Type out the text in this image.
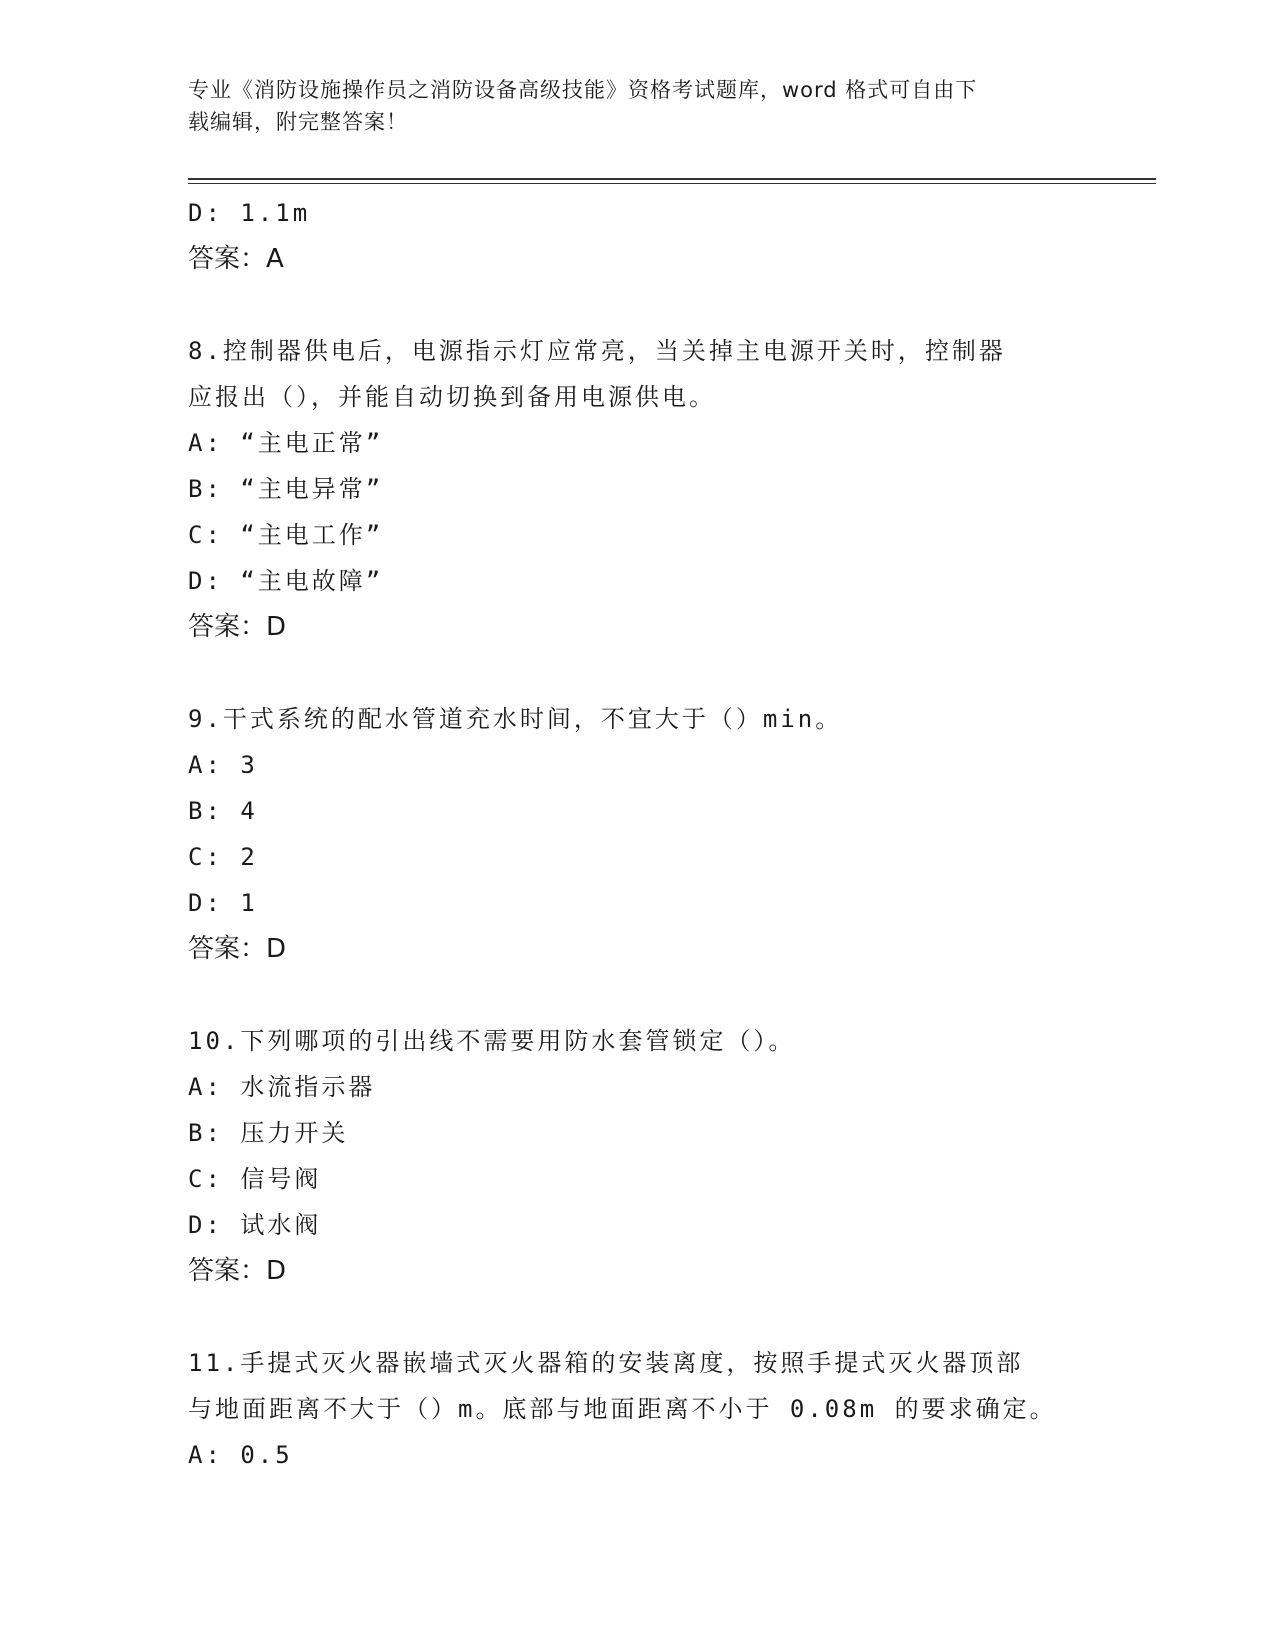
专业《消防设施操作员之消防设备高级技能》资格考试题库，word 格式可自由下
载编辑，附完整答案！
D: 1.1m
答案：A
8.控制器供电后，电源指示灯应常亮，当关掉主电源开关时，控制器
应报出（），并能自动切换到备用电源供电。
A: “主电正常”
B: “主电异常”
C: “主电工作”
D: “主电故障”
答案：D
9.干式系统的配水管道充水时间，不宜大于（）min。
A: 3
B: 4
C: 2
D: 1
答案：D
10.下列哪项的引出线不需要用防水套管锁定（）。
A: 水流指示器
B: 压力开关
C: 信号阀
D: 试水阀
答案：D
11.手提式灭火器嵌墙式灭火器箱的安装离度，按照手提式灭火器顶部
与地面距离不大于（）m。底部与地面距离不小于 0.08m 的要求确定。
A: 0.5
